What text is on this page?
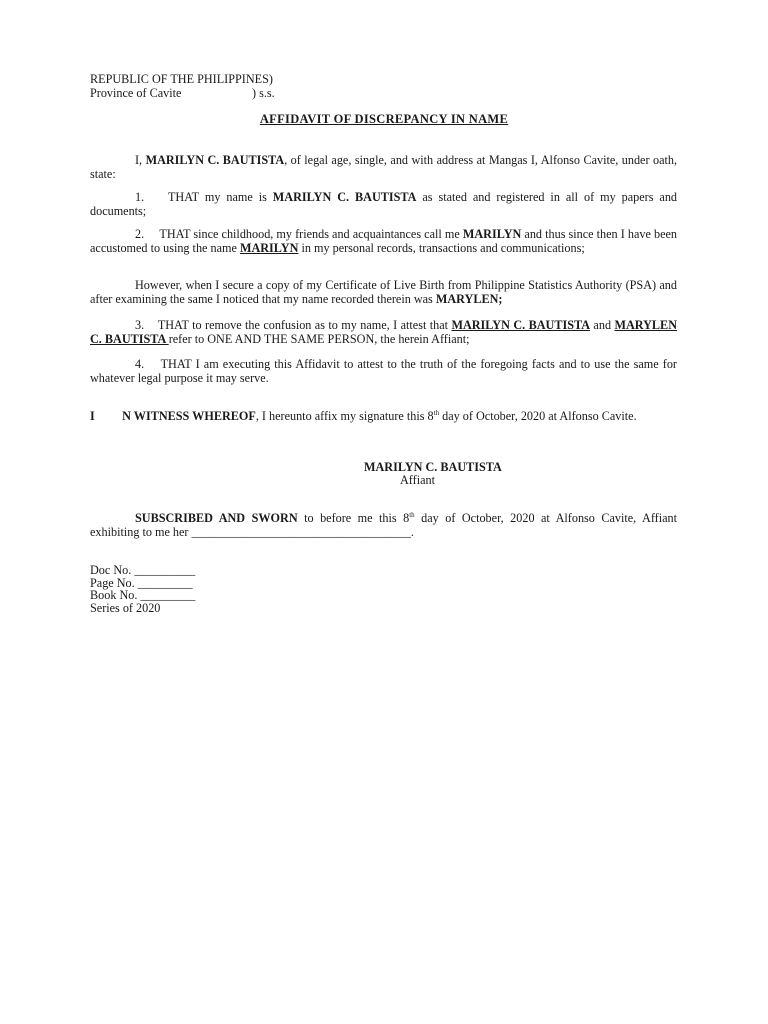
REPUBLIC OF THE PHILIPPINES)
Province of Cavite	) s.s.
AFFIDAVIT OF DISCREPANCY IN NAME
I, MARILYN C. BAUTISTA, of legal age, single, and with address at Mangas I, Alfonso Cavite, under oath, state:
1.    THAT my name is MARILYN C. BAUTISTA as stated and registered in all of my papers and documents;
2.     THAT since childhood, my friends and acquaintances call me MARILYN and thus since then I have been accustomed to using the name MARILYN in my personal records, transactions and communications;
However, when I secure a copy of my Certificate of Live Birth from Philippine Statistics Authority (PSA) and after examining the same I noticed that my name recorded therein was MARYLEN;
3.    THAT to remove the confusion as to my name, I attest that MARILYN C. BAUTISTA and MARYLEN C. BAUTISTA refer to ONE AND THE SAME PERSON, the herein Affiant;
4.    THAT I am executing this Affidavit to attest to the truth of the foregoing facts and to use the same for whatever legal purpose it may serve.
I         N WITNESS WHEREOF, I hereunto affix my signature this 8th day of October, 2020 at Alfonso Cavite.
MARILYN C. BAUTISTA
Affiant
SUBSCRIBED AND SWORN to before me this 8th day of October, 2020 at Alfonso Cavite, Affiant exhibiting to me her ____________________________________.
Doc No. __________
Page No. _________
Book No. _________
Series of 2020
